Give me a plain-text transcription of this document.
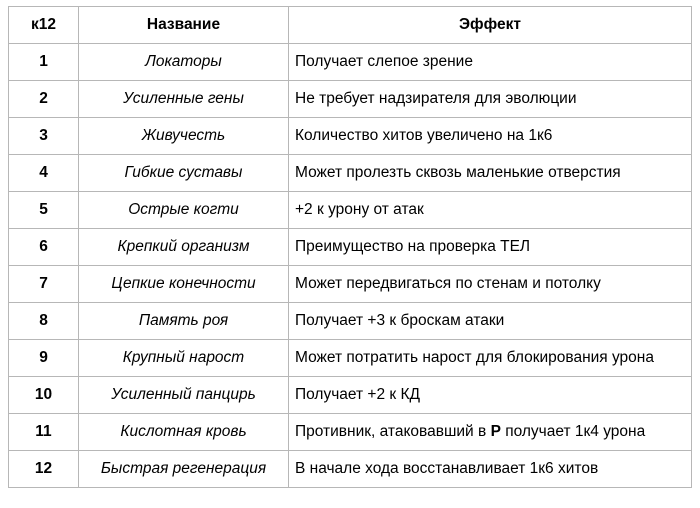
к12	Название	Эффект
1	Локаторы	Получает слепое зрение
2	Усиленные гены	Не требует надзирателя для эволюции
3	Живучесть	Количество хитов увеличено на 1к6
4	Гибкие суставы	Может пролезть сквозь маленькие отверстия
5	Острые когти	+2 к урону от атак
6	Крепкий организм	Преимущество на проверка ТЕЛ
7	Цепкие конечности	Может передвигаться по стенам и потолку
8	Память роя	Получает +3 к броскам атаки
9	Крупный нарост	Может потратить нарост для блокирования урона
10	Усиленный панцирь	Получает +2 к КД
11	Кислотная кровь	Противник, атаковавший в Р получает 1к4 урона
12	Быстрая регенерация	В начале хода восстанавливает 1к6 хитов
